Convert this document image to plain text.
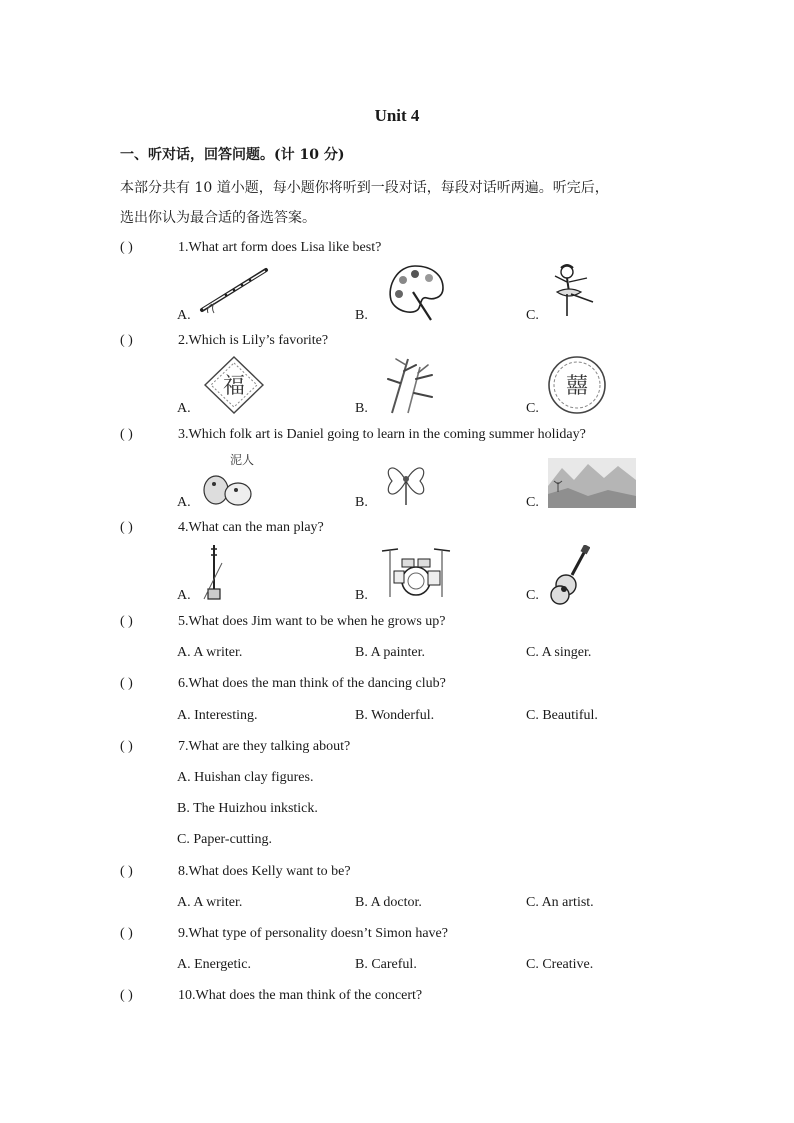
Unit 4
一、听对话，回答问题。(计 10 分)
本部分共有 10 道小题，每小题你将听到一段对话，每段对话听两遍。听完后，
选出你认为最合适的备选答案。
( )	1.What art form does Lisa like best?
A.	B.	C.
( )	2.Which is Lily’s favorite?
A.	B.	C.
福	囍
( )	3.Which folk art is Daniel going to learn in the coming summer holiday?
A.	B.	C.
泥人
( )	4.What can the man play?
A.	B.	C.
( )	5.What does Jim want to be when he grows up?
A. A writer.	B. A painter.	C. A singer.
( )	6.What does the man think of the dancing club?
A. Interesting.	B. Wonderful.	C. Beautiful.
( )	7.What are they talking about?
A. Huishan clay figures.
B. The Huizhou inkstick.
C. Paper-cutting.
( )	8.What does Kelly want to be?
A. A writer.	B. A doctor.	C. An artist.
( )	9.What type of personality doesn’t Simon have?
A. Energetic.	B. Careful.	C. Creative.
( )	10.What does the man think of the concert?
